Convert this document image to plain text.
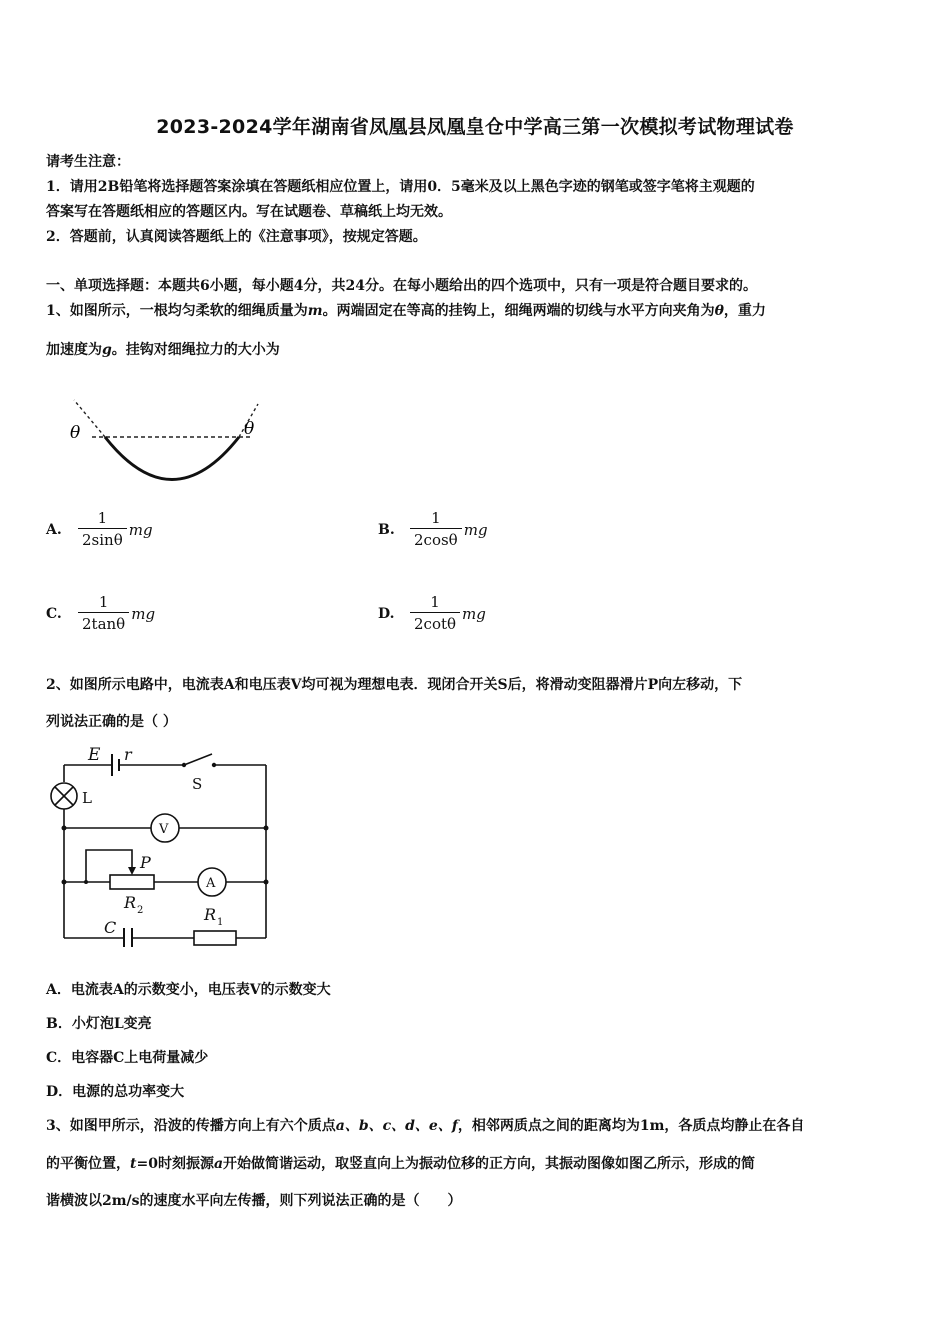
2023-2024学年湖南省凤凰县凤凰皇仓中学高三第一次模拟考试物理试卷
请考生注意：
1．请用2B铅笔将选择题答案涂填在答题纸相应位置上，请用0．5毫米及以上黑色字迹的钢笔或签字笔将主观题的
答案写在答题纸相应的答题区内。写在试题卷、草稿纸上均无效。
2．答题前，认真阅读答题纸上的《注意事项》，按规定答题。
一、单项选择题：本题共6小题，每小题4分，共24分。在每小题给出的四个选项中，只有一项是符合题目要求的。
1、如图所示，一根均匀柔软的细绳质量为m。两端固定在等高的挂钩上，细绳两端的切线与水平方向夹角为θ，重力
加速度为g。挂钩对细绳拉力的大小为
θ	θ
A.	$\frac{1}{2\sin\theta}$ mg	B.	$\frac{1}{2\cos\theta}$ mg
C.	$\frac{1}{2\tan\theta}$ mg	D.	$\frac{1}{2\cot\theta}$ mg
2、如图所示电路中，电流表A和电压表V均可视为理想电表．现闭合开关S后，将滑动变阻器滑片P向左移动，下
列说法正确的是（ ）
E r
S
L
V
A
P
R 2	R 1
C
A．电流表A的示数变小，电压表V的示数变大
B．小灯泡L变亮
C．电容器C上电荷量减少
D．电源的总功率变大
3、如图甲所示，沿波的传播方向上有六个质点a、b、c、d、e、f，相邻两质点之间的距离均为1m，各质点均静止在各自
的平衡位置，t=0时刻振源a开始做简谐运动，取竖直向上为振动位移的正方向，其振动图像如图乙所示，形成的简
谐横波以2m/s的速度水平向左传播，则下列说法正确的是（　　）
